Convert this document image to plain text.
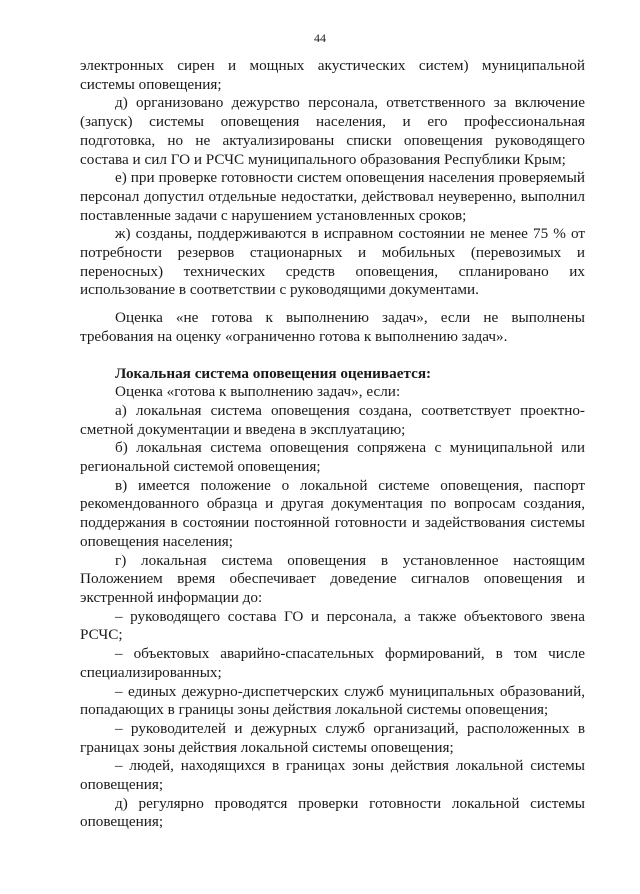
44

электронных сирен и мощных акустических систем) муниципальной системы оповещения;

д) организовано дежурство персонала, ответственного за включение (запуск) системы оповещения населения, и его профессиональная подготовка, но не актуализированы списки оповещения руководящего состава и сил ГО и РСЧС муниципального образования Республики Крым;

е) при проверке готовности систем оповещения населения проверяемый персонал допустил отдельные недостатки, действовал неуверенно, выполнил поставленные задачи с нарушением установленных сроков;

ж) созданы, поддерживаются в исправном состоянии не менее 75 % от потребности резервов стационарных и мобильных (перевозимых и переносных) технических средств оповещения, спланировано их использование в соответствии с руководящими документами.

Оценка «не готова к выполнению задач», если не выполнены требования на оценку «ограниченно готова к выполнению задач».

Локальная система оповещения оценивается:

Оценка «готова к выполнению задач», если:

а) локальная система оповещения создана, соответствует проектно-сметной документации и введена в эксплуатацию;

б) локальная система оповещения сопряжена с муниципальной или региональной системой оповещения;

в) имеется положение о локальной системе оповещения, паспорт рекомендованного образца и другая документация по вопросам создания, поддержания в состоянии постоянной готовности и задействования системы оповещения населения;

г) локальная система оповещения в установленное настоящим Положением время обеспечивает доведение сигналов оповещения и экстренной информации до:

– руководящего состава ГО и персонала, а также объектового звена РСЧС;

– объектовых аварийно-спасательных формирований, в том числе специализированных;

– единых дежурно-диспетчерских служб муниципальных образований, попадающих в границы зоны действия локальной системы оповещения;

– руководителей и дежурных служб организаций, расположенных в границах зоны действия локальной системы оповещения;

– людей, находящихся в границах зоны действия локальной системы оповещения;

д) регулярно проводятся проверки готовности локальной системы оповещения;
